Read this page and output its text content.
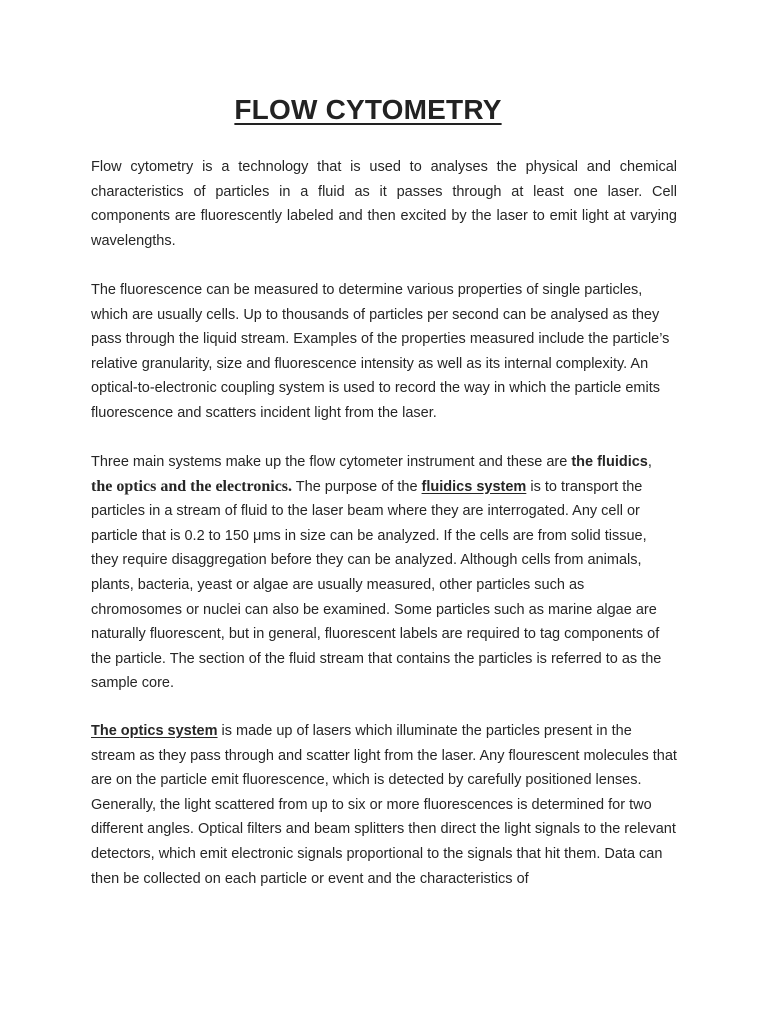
FLOW CYTOMETRY

Flow cytometry is a technology that is used to analyses the physical and chemical characteristics of particles in a fluid as it passes through at least one laser. Cell components are fluorescently labeled and then excited by the laser to emit light at varying wavelengths.

The fluorescence can be measured to determine various properties of single particles, which are usually cells. Up to thousands of particles per second can be analysed as they pass through the liquid stream. Examples of the properties measured include the particle’s relative granularity, size and fluorescence intensity as well as its internal complexity. An optical-to-electronic coupling system is used to record the way in which the particle emits fluorescence and scatters incident light from the laser.

Three main systems make up the flow cytometer instrument and these are the fluidics, the optics and the electronics. The purpose of the fluidics system is to transport the particles in a stream of fluid to the laser beam where they are interrogated. Any cell or particle that is 0.2 to 150 μms in size can be analyzed. If the cells are from solid tissue, they require disaggregation before they can be analyzed. Although cells from animals, plants, bacteria, yeast or algae are usually measured, other particles such as chromosomes or nuclei can also be examined. Some particles such as marine algae are naturally fluorescent, but in general, fluorescent labels are required to tag components of the particle. The section of the fluid stream that contains the particles is referred to as the sample core.

The optics system is made up of lasers which illuminate the particles present in the stream as they pass through and scatter light from the laser. Any flourescent molecules that are on the particle emit fluorescence, which is detected by carefully positioned lenses. Generally, the light scattered from up to six or more fluorescences is determined for two different angles. Optical filters and beam splitters then direct the light signals to the relevant detectors, which emit electronic signals proportional to the signals that hit them. Data can then be collected on each particle or event and the characteristics of
